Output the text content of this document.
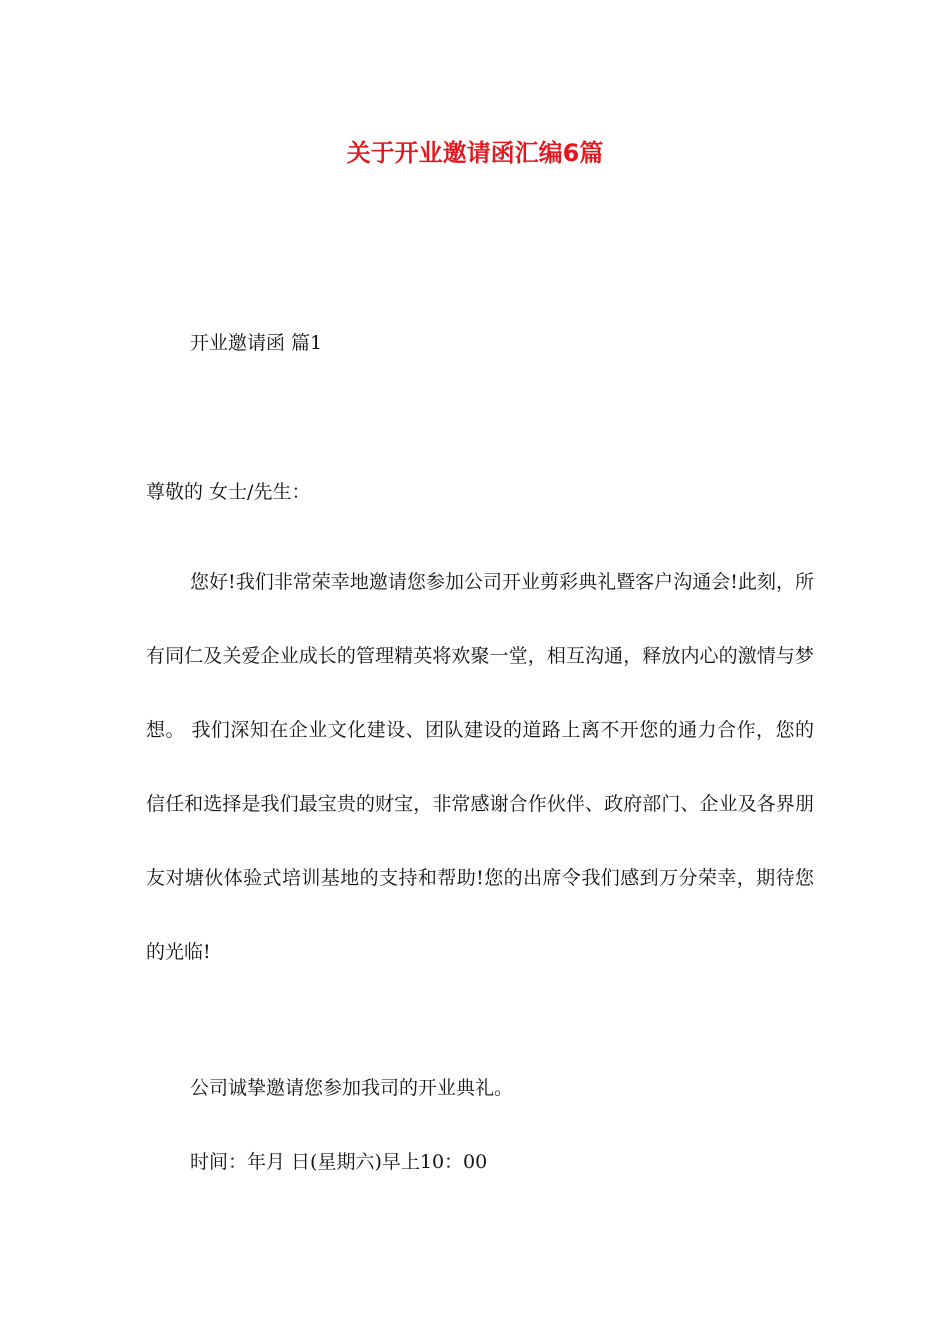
关于开业邀请函汇编6篇

开业邀请函 篇1

尊敬的 女士/先生：

您好!我们非常荣幸地邀请您参加公司开业剪彩典礼暨客户沟通会!此刻，所有同仁及关爱企业成长的管理精英将欢聚一堂，相互沟通，释放内心的激情与梦想。 我们深知在企业文化建设、团队建设的道路上离不开您的通力合作，您的信任和选择是我们最宝贵的财宝，非常感谢合作伙伴、政府部门、企业及各界朋友对塘伙体验式培训基地的支持和帮助!您的出席令我们感到万分荣幸，期待您的光临!

公司诚挚邀请您参加我司的开业典礼。

时间：年月 日(星期六)早上10：00
